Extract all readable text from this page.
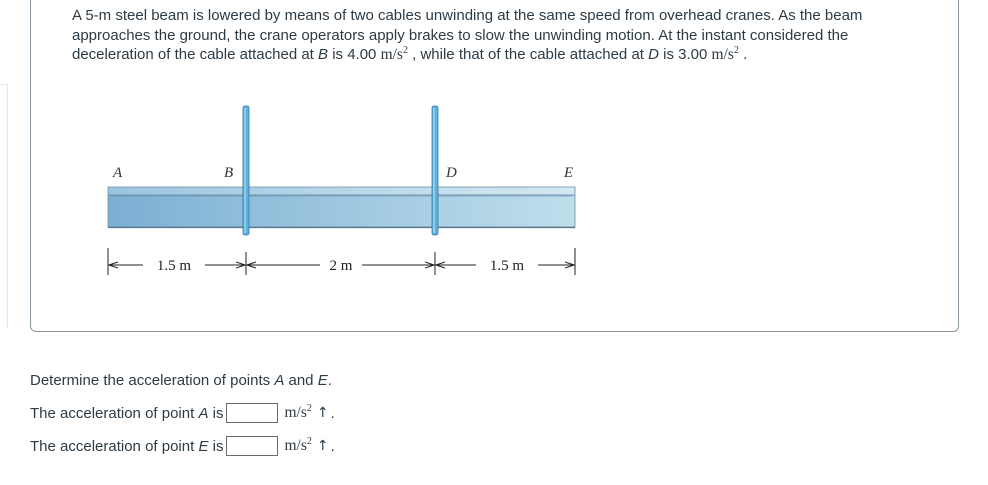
A 5-m steel beam is lowered by means of two cables unwinding at the same speed from overhead cranes. As the beam approaches the ground, the crane operators apply brakes to slow the unwinding motion. At the instant considered the deceleration of the cable attached at B is 4.00 $m/s^2$ , while that of the cable attached at D is 3.00 $m/s^2$ .
A	B	D	E
1.5 m	2 m	1.5 m
Determine the acceleration of points A and E.
The acceleration of point A is	$m/s^2$ ↑ .
The acceleration of point E is	$m/s^2$ ↑ .
